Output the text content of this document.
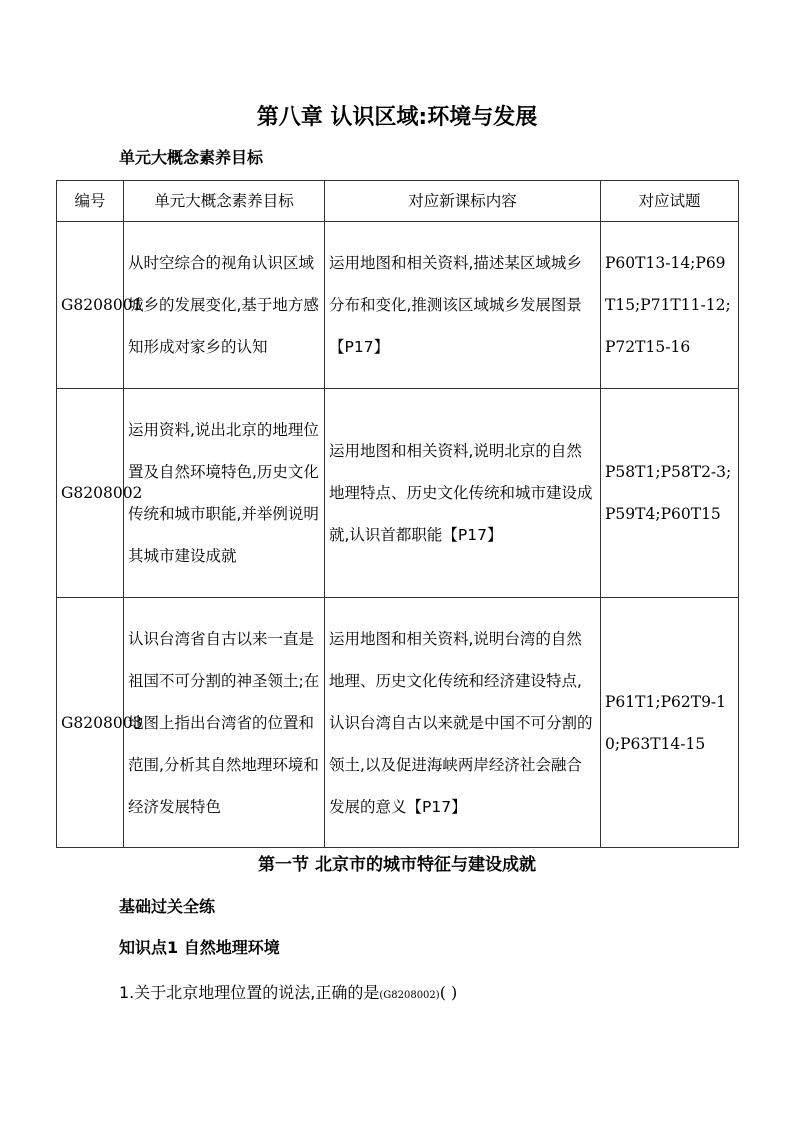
第八章 认识区域:环境与发展

单元大概念素养目标

编号	单元大概念素养目标	对应新课标内容	对应试题
G8208001	从时空综合的视角认识区域城乡的发展变化,基于地方感知形成对家乡的认知	运用地图和相关资料,描述某区域城乡分布和变化,推测该区域城乡发展图景【P17】	P60T13-14;P69T15;P71T11-12;P72T15-16
G8208002	运用资料,说出北京的地理位置及自然环境特色,历史文化传统和城市职能,并举例说明其城市建设成就	运用地图和相关资料,说明北京的自然地理特点、历史文化传统和城市建设成就,认识首都职能【P17】	P58T1;P58T2-3;P59T4;P60T15
G8208003	认识台湾省自古以来一直是祖国不可分割的神圣领土;在地图上指出台湾省的位置和范围,分析其自然地理环境和经济发展特色	运用地图和相关资料,说明台湾的自然地理、历史文化传统和经济建设特点,认识台湾自古以来就是中国不可分割的领土,以及促进海峡两岸经济社会融合发展的意义【P17】	P61T1;P62T9-10;P63T14-15
第一节 北京市的城市特征与建设成就

基础过关全练

知识点1 自然地理环境

1.关于北京地理位置的说法,正确的是(G8208002)( )
